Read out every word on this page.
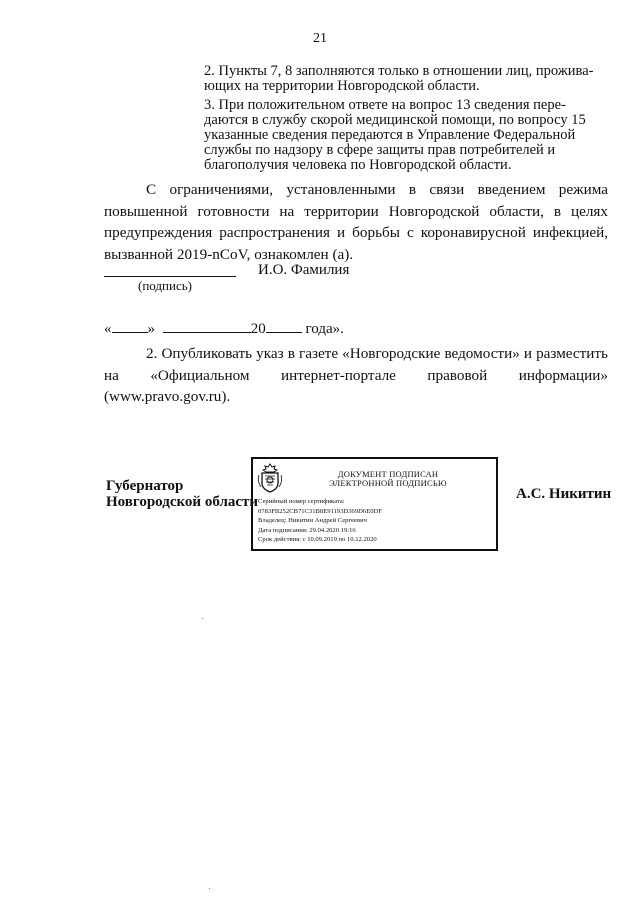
21
2. Пункты 7, 8 заполняются только в отношении лиц, прожива-ющих на территории Новгородской области.
3. При положительном ответе на вопрос 13 сведения пере-даются в службу скорой медицинской помощи, по вопросу 15 указанные сведения передаются в Управление Федеральной службы по надзору в сфере защиты прав потребителей и благополучия человека по Новгородской области.
С ограничениями, установленными в связи введением режима повышенной готовности на территории Новгородской области, в целях предупреждения распространения и борьбы с коронавирусной инфекцией, вызванной 2019-nCoV, ознакомлен (а).
И.О. Фамилия
(подпись)
« »	20	года».
2. Опубликовать указ в газете «Новгородские ведомости» и разместить на «Официальном интернет-портале правовой информации» (www.pravo.gov.ru).
Губернатор
Новгородской области
ДОКУМЕНТ ПОДПИСАН
ЭЛЕКТРОННОЙ ПОДПИСЬЮ
Серийный номер сертификата:
0783FB252CB71C31B8E91193D369D6E0DF
Владелец: Никитин Андрей Сергеевич
Дата подписания: 29.04.2020 19:16
Срок действия: с 10.09.2019 по 10.12.2020
А.С. Никитин
